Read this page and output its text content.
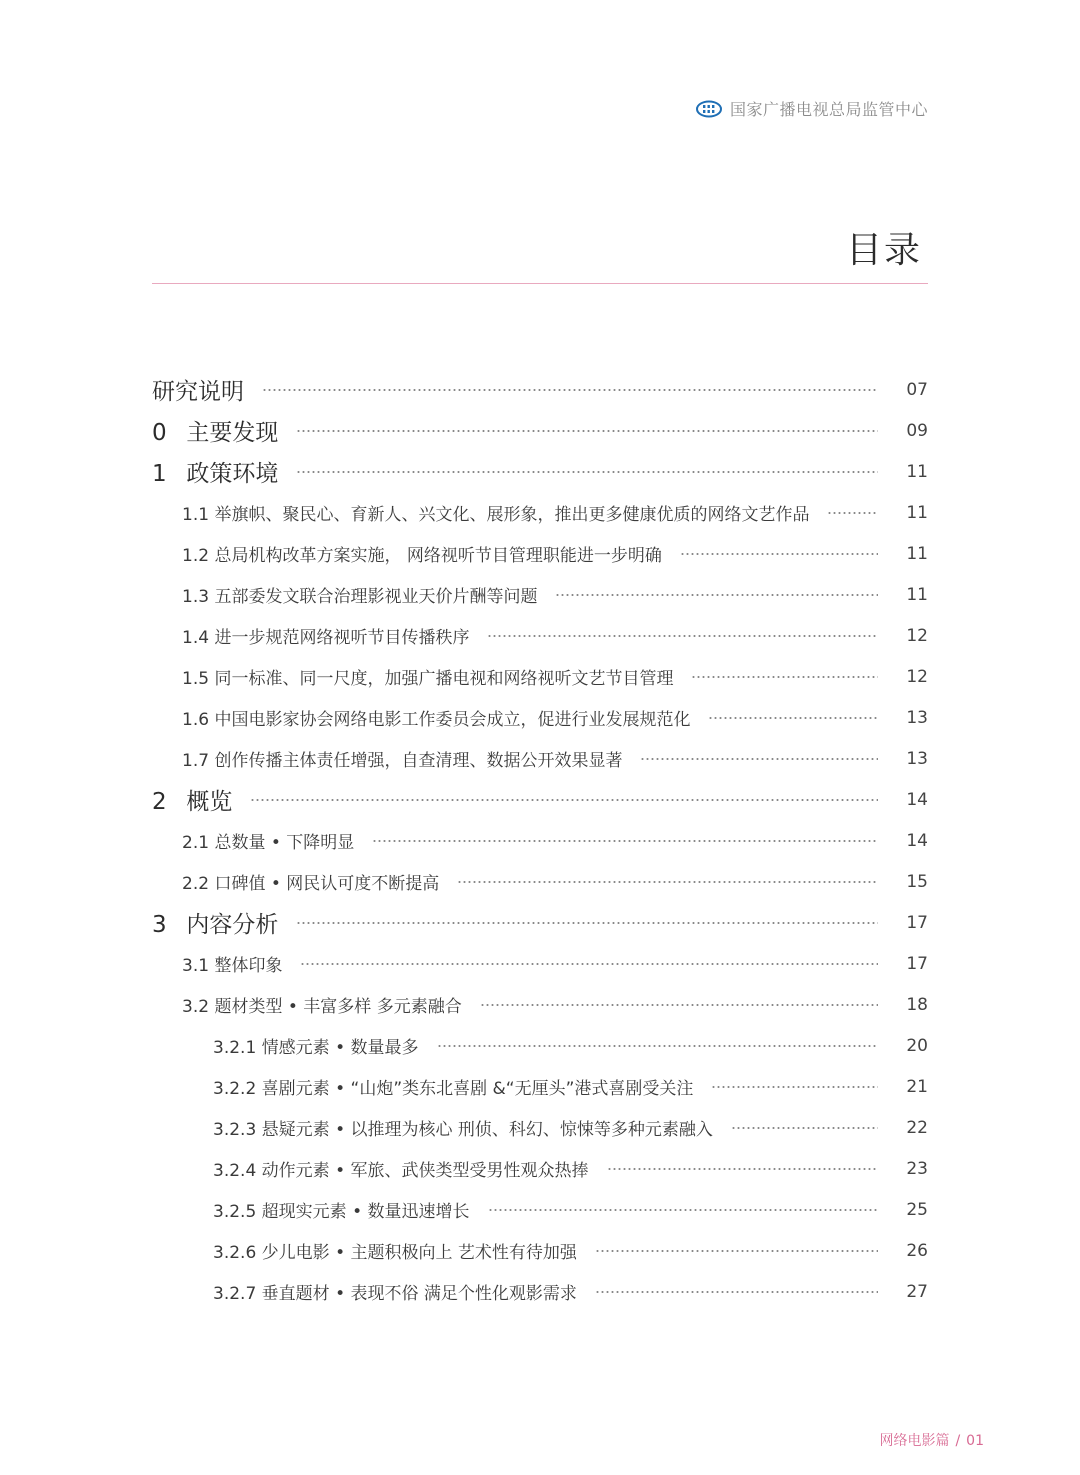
国家广播电视总局监管中心
目录
研究说明	07
0 主要发现	09
1 政策环境	11
1.1 举旗帜、聚民心、育新人、兴文化、展形象，推出更多健康优质的网络文艺作品	11
1.2 总局机构改革方案实施， 网络视听节目管理职能进一步明确	11
1.3 五部委发文联合治理影视业天价片酬等问题	11
1.4 进一步规范网络视听节目传播秩序	12
1.5 同一标准、同一尺度，加强广播电视和网络视听文艺节目管理	12
1.6 中国电影家协会网络电影工作委员会成立，促进行业发展规范化	13
1.7 创作传播主体责任增强，自查清理、数据公开效果显著	13
2 概览	14
2.1 总数量 • 下降明显	14
2.2 口碑值 • 网民认可度不断提高	15
3 内容分析	17
3.1 整体印象	17
3.2 题材类型 • 丰富多样 多元素融合	18
3.2.1 情感元素 • 数量最多	20
3.2.2 喜剧元素 • “山炮”类东北喜剧 &“无厘头”港式喜剧受关注	21
3.2.3 悬疑元素 • 以推理为核心 刑侦、科幻、惊悚等多种元素融入	22
3.2.4 动作元素 • 军旅、武侠类型受男性观众热捧	23
3.2.5 超现实元素 • 数量迅速增长	25
3.2.6 少儿电影 • 主题积极向上 艺术性有待加强	26
3.2.7 垂直题材 • 表现不俗 满足个性化观影需求	27
网络电影篇 / 01
